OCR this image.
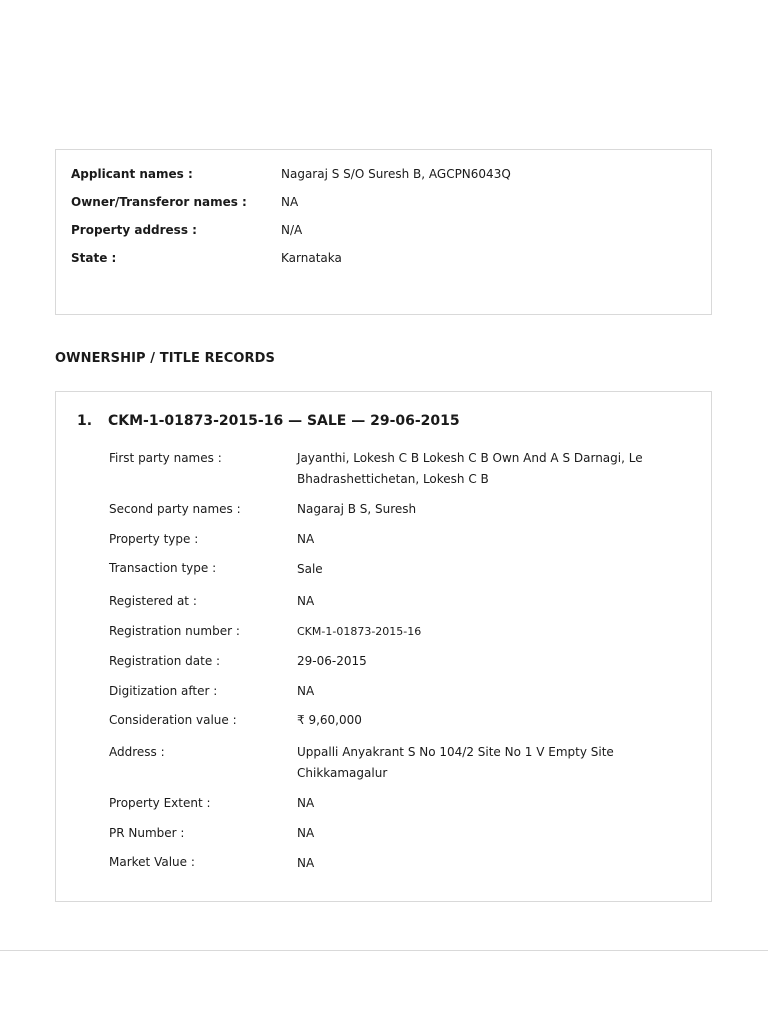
Applicant names :	Nagaraj S S/O Suresh B, AGCPN6043Q
Owner/Transferor names :	NA
Property address :	N/A
State :	Karnataka
OWNERSHIP / TITLE RECORDS
1. CKM-1-01873-2015-16 — SALE — 29-06-2015
First party names :	Jayanthi, Lokesh C B Lokesh C B Own And A S Darnagi, Le Bhadrashettichetan, Lokesh C B
Second party names :	Nagaraj B S, Suresh
Property type :	NA
Transaction type :	Sale
Registered at :	NA
Registration number :	CKM-1-01873-2015-16
Registration date :	29-06-2015
Digitization after :	NA
Consideration value :	₹ 9,60,000
Address :	Uppalli Anyakrant S No 104/2 Site No 1 V Empty Site Chikkamagalur
Property Extent :	NA
PR Number :	NA
Market Value :	NA
